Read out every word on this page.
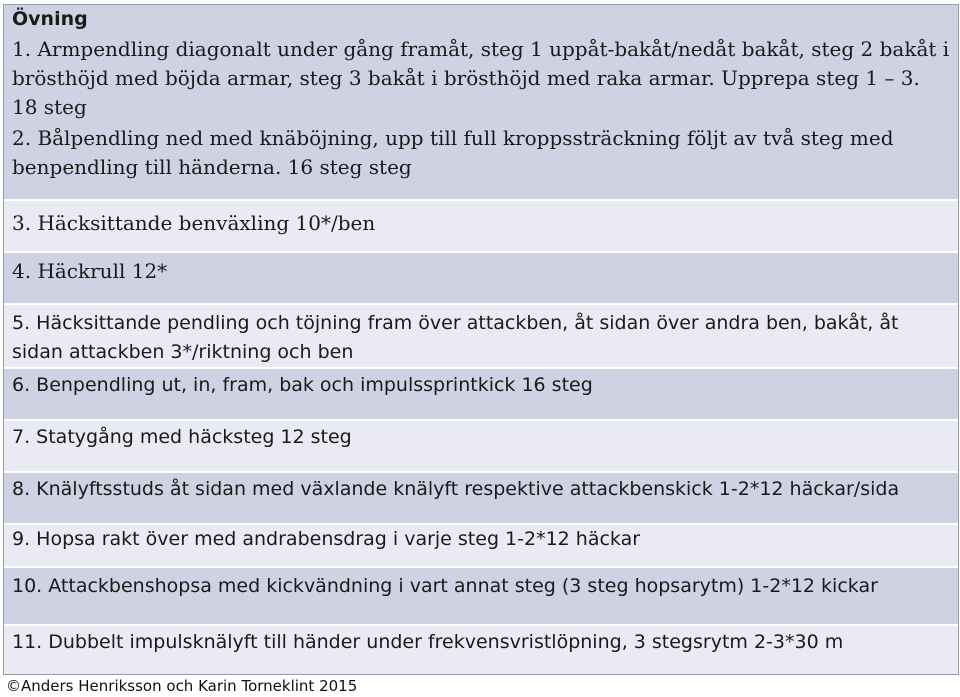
Övning
1. Armpendling diagonalt under gång framåt, steg 1 uppåt-bakåt/nedåt bakåt, steg 2 bakåt i brösthöjd med böjda armar, steg 3 bakåt i brösthöjd med raka armar. Upprepa steg 1 – 3. 18 steg
2. Bålpendling ned med knäböjning, upp till full kroppssträckning följt av två steg med benpendling till händerna. 16 steg steg
3. Häcksittande benväxling 10*/ben
4. Häckrull 12*
5. Häcksittande pendling och töjning fram över attackben, åt sidan över andra ben, bakåt, åt sidan attackben 3*/riktning och ben
6. Benpendling ut, in, fram, bak och impulssprintkick 16 steg
7. Statygång med häcksteg 12 steg
8. Knälyftsstuds åt sidan med växlande knälyft respektive attackbenskick 1-2*12 häckar/sida
9. Hopsa rakt över med andrabensdrag i varje steg 1-2*12 häckar
10. Attackbenshopsa med kickvändning i vart annat steg (3 steg hopsarytm) 1-2*12 kickar
11. Dubbelt impulsknälyft till händer under frekvensvristlöpning, 3 stegsrytm 2-3*30 m
©Anders Henriksson och Karin Torneklint 2015
